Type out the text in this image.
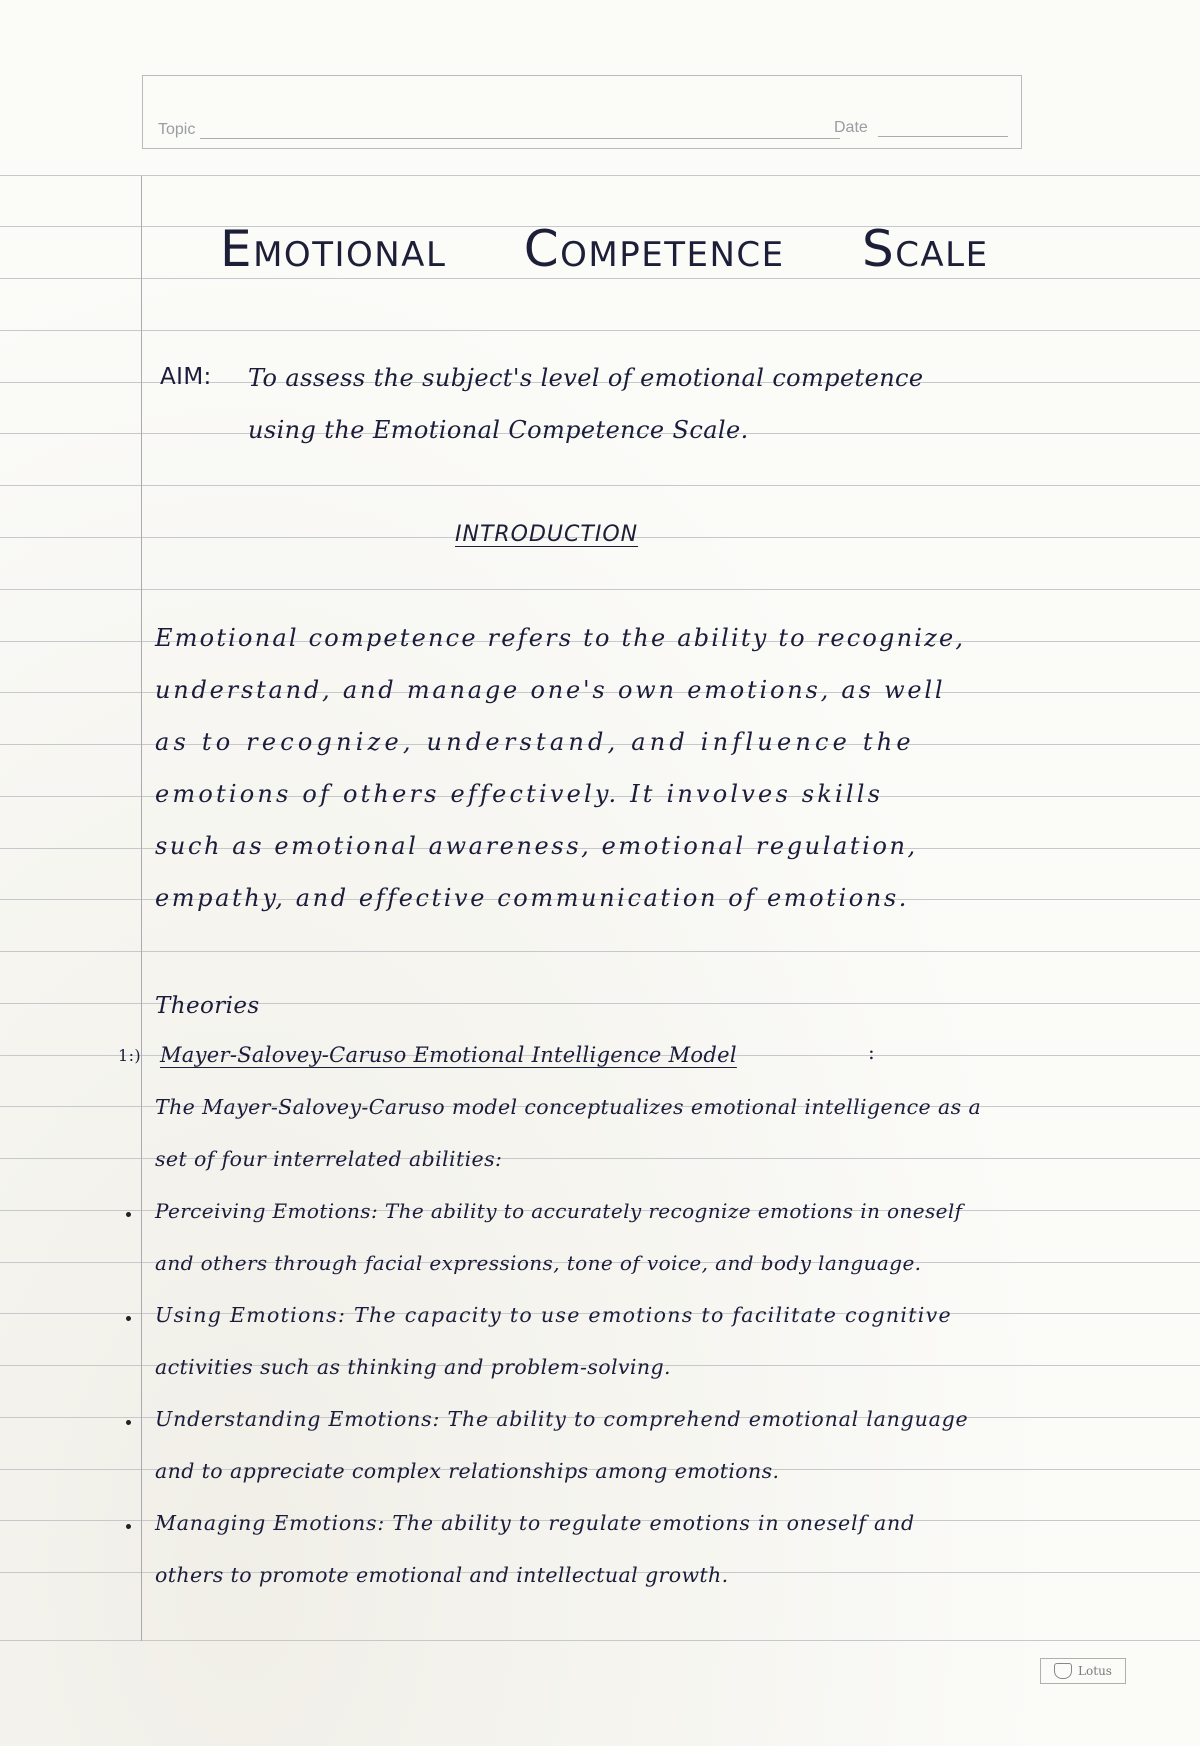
Topic	Date
EMOTIONAL COMPETENCE SCALE
AIM: To assess the subject's level of emotional competence
using the Emotional Competence Scale.
INTRODUCTION
Emotional competence refers to the ability to recognize,
understand, and manage one's own emotions, as well
as to recognize, understand, and influence the
emotions of others effectively. It involves skills
such as emotional awareness, emotional regulation,
empathy, and effective communication of emotions.
Theories
1:) Mayer-Salovey-Caruso Emotional Intelligence Model	:
The Mayer-Salovey-Caruso model conceptualizes emotional intelligence as a
set of four interrelated abilities:
Perceiving Emotions: The ability to accurately recognize emotions in oneself
and others through facial expressions, tone of voice, and body language.
Using Emotions: The capacity to use emotions to facilitate cognitive
activities such as thinking and problem-solving.
Understanding Emotions: The ability to comprehend emotional language
and to appreciate complex relationships among emotions.
Managing Emotions: The ability to regulate emotions in oneself and
others to promote emotional and intellectual growth.
Lotus
